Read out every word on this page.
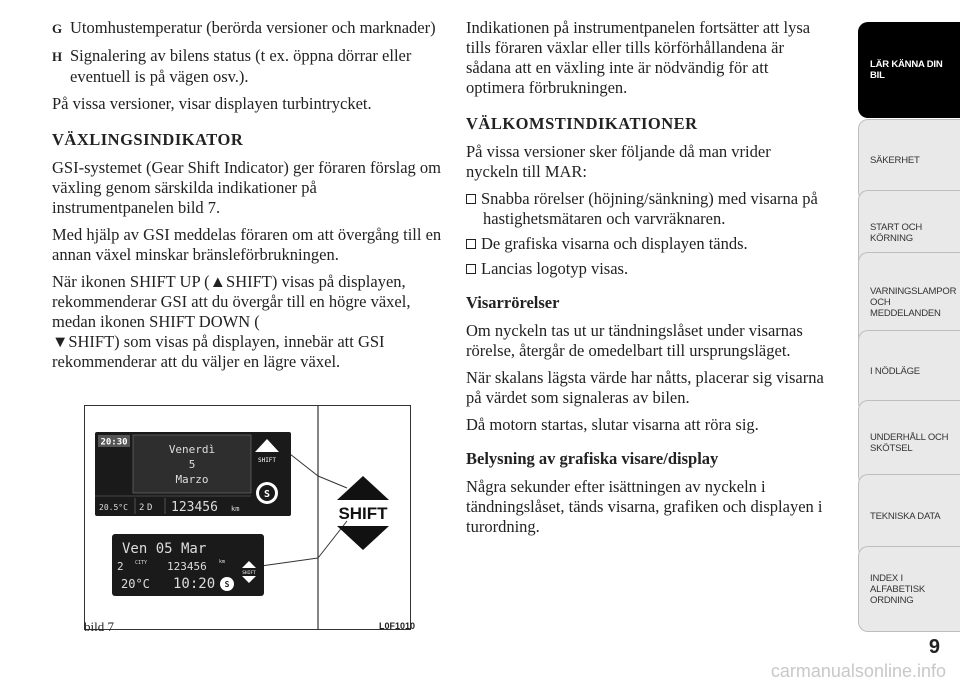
G Utomhustemperatur (berörda versioner och marknader)

H Signalering av bilens status (t ex. öppna dörrar eller eventuell is på vägen osv.).

På vissa versioner, visar displayen turbintrycket.

VÄXLINGSINDIKATOR

GSI-systemet (Gear Shift Indicator) ger föraren förslag om växling genom särskilda indikationer på instrumentpanelen bild 7.

Med hjälp av GSI meddelas föraren om att övergång till en annan växel minskar bränsleförbrukningen.

När ikonen SHIFT UP (▲SHIFT) visas på displayen, rekommenderar GSI att du övergår till en högre växel, medan ikonen SHIFT DOWN (
▼SHIFT) som visas på displayen, innebär att GSI rekommenderar att du väljer en lägre växel.

20:30
Venerdì
5
Marzo
SHIFT
S
20.5°C 2 D 123456 km
Ven 05 Mar
2 CITY 123456 km
20°C 10:20 S
SHIFT
SHIFT
bild 7	L0F1010

Indikationen på instrumentpanelen fortsätter att lysa tills föraren växlar eller tills körförhållandena är sådana att en växling inte är nödvändig för att optimera förbrukningen.

VÄLKOMSTINDIKATIONER

På vissa versioner sker följande då man vrider nyckeln till MAR:

Snabba rörelser (höjning/sänkning) med visarna på hastighetsmätaren och varvräknaren.

De grafiska visarna och displayen tänds.

Lancias logotyp visas.

Visarrörelser

Om nyckeln tas ut ur tändningslåset under visarnas rörelse, återgår de omedelbart till ursprungsläget.

När skalans lägsta värde har nåtts, placerar sig visarna på värdet som signaleras av bilen.

Då motorn startas, slutar visarna att röra sig.

Belysning av grafiska visare/display

Några sekunder efter isättningen av nyckeln i tändningslåset, tänds visarna, grafiken och displayen i turordning.

LÄR KÄNNA DIN
BIL
SÄKERHET
START OCH
KÖRNING
VARNINGSLAMPOR
OCH
MEDDELANDEN
I NÖDLÄGE
UNDERHÅLL OCH
SKÖTSEL
TEKNISKA DATA
INDEX I
ALFABETISK
ORDNING
9
carmanualsonline.info
